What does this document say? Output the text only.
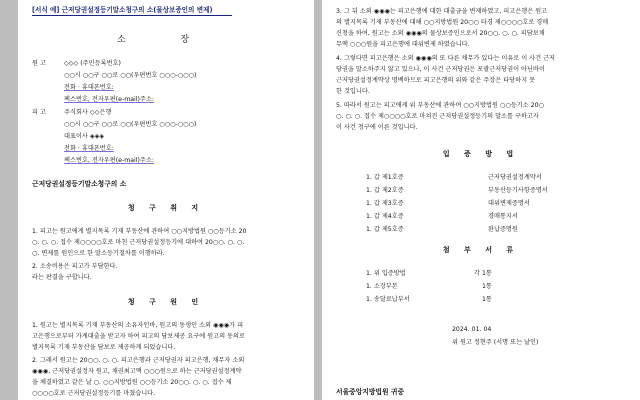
[서식 예] 근저당권설정등기말소청구의 소(물상보증인의 변제)
소 장
원 고	◇◇◇ (주민등록번호)
○○시 ○○구 ○○로 ○○(우편번호 ○○○-○○○)
전화 · 휴대폰번호:
팩스번호, 전자우편(e-mail)주소:
피 고	주식회사 ◇◇은행
○○시 ○○구 ○○로 ○○(우편번호 ○○○-○○○)
대표이사 ◈◈◈
전화 · 휴대폰번호:
팩스번호, 전자우편(e-mail)주소:
근저당권설정등기말소청구의 소
청 구 취 지
1. 피고는 원고에게 별지목록 기재 부동산에 관하여 ○○지방법원 ○○등기소 20
○. ○. ○. 접수 제○○○○호로 마친 근저당권설정등기에 대하여 20○○. ○. ○.
○. 변제를 원인으로 한 말소등기절차를 이행하라.
2. 소송비용은 피고가 부담한다.
라는 판결을 구합니다.
청 구 원 인
1. 원고는 별지목록 기재 부동산의 소유자인바, 원고의 동생인 소외 ◉◉◉가 피
고은행으로부터 가계대출을 받고자 하여 피고의 담보제공 요구에 원고의 동의로
별지목록 기재 부동산을 담보로 제공하게 되었습니다.
2. 그래서 원고는 20○○. ○. ○. 피고은행과 근저당권자 피고은행, 채무자 소외
◉◉◉, 근저당권설정자 원고, 채권최고액 ○○○원으로 하는 근저당권설정계약
을 체결하였고 같은 날 ○. ○○지방법원 ○○등기소 20○○. ○. ○. 접수 제
○○○○호로 근저당권설정등기를 마쳤습니다.
3. 그 뒤 소외 ◉◉◉는 피고은행에 대한 대출금을 변제하였고, 피고은행은 원고
의 별지목록 기재 부동산에 대해 ○○지방법원 20○○ 타경 제○○○○호로 경매
신청을 하여, 원고는 소외 ◉◉◉의 물상보증인으로서 20○○. ○. ○. 피담보채
무액 ○○○원을 피고은행에 대위변제 하였습니다.
4. 그렇다면 피고은행은 소외 ◉◉◉의 또 다른 채무가 있다는 이유로 이 사건 근저
당권을 말소하주지 않고 있으나, 이 사건 근저당권은 포괄근저당권이 아닌바이
근저당권설정계약상 명백하므로 피고은행의 위와 같은 주장은 타당하지 못
한 것입니다.
5. 따라서 원고는 피고에게 위 부동산에 관하여 ○○지방법원 ○○등기소 20○
○. ○. ○. 접수 제○○○○호로 마쳐진 근저당권설정등기의 말소를 구하고자
이 사건 청구에 이른 것입니다.
입 증 방 법
1. 갑 제1호증	근저당권설정계약서
1. 갑 제2호증	부동산등기사항증명서
1. 갑 제3호증	대위변제증명서
1. 갑 제4호증	경매통지서
1. 갑 제5호증	완납증명원
첨 부 서 류
1. 위 입증방법	각 1통
1. 소장부본	1통
1. 송달료납부서	1통
2024. 01. 04
위 원고 정현주 (서명 또는 날인)
서울중앙지방법원 귀중
